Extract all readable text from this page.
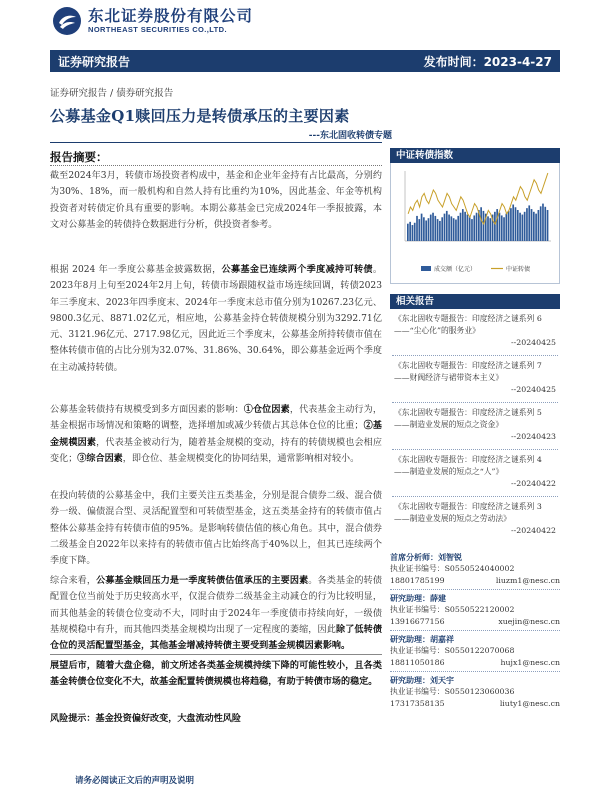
东北证券股份有限公司
NORTHEAST SECURITIES CO.,LTD.
证券研究报告	发布时间：2023-4-27
证券研究报告 / 债券研究报告
公募基金Q1赎回压力是转债承压的主要因素
---东北固收转债专题
报告摘要：

截至2024年3月，转债市场投资者构成中，基金和企业年金持有占比最高，分别约为30%、18%，而一般机构和自然人持有比重约为10%，因此基金、年金等机构投资者对转债定价具有重要的影响。本期公募基金已完成2024年一季报披露，本文对公募基金的转债持仓数据进行分析，供投资者参考。

根据 2024 年一季度公募基金披露数据，公募基金已连续两个季度减持可转债。2023年8月上旬至2024年2月上旬，转债市场跟随权益市场连续回调，转债2023年三季度末、2023年四季度末、2024年一季度末总市值分别为10267.23亿元、9800.3亿元、8871.02亿元，相应地，公募基金持仓转债规模分别为3292.71亿元、3121.96亿元、2717.98亿元，因此近三个季度末，公募基金所持转债市值在整体转债市值的占比分别为32.07%、31.86%、30.64%，即公募基金近两个季度在主动减持转债。

公募基金转债持有规模受到多方面因素的影响：①仓位因素，代表基金主动行为，基金根据市场情况和策略的调整，选择增加或减少转债占其总体仓位的比重；②基金规模因素，代表基金被动行为，随着基金规模的变动，持有的转债规模也会相应变化；③综合因素，即仓位、基金规模变化的协同结果，通常影响相对较小。

在投向转债的公募基金中，我们主要关注五类基金，分别是混合债券二级、混合债券一级、偏债混合型、灵活配置型和可转债型基金，这五类基金持有的转债市值占整体公募基金持有转债市值的95%。是影响转债估值的核心角色。其中，混合债券二级基金自2022年以来持有的转债市值占比始终高于40%以上，但其已连续两个季度下降。

综合来看，公募基金赎回压力是一季度转债估值承压的主要因素。各类基金的转债配置仓位当前处于历史较高水平，仅混合债券二级基金主动减仓的行为比较明显，而其他基金的转债仓位变动不大，同时由于2024年一季度债市持续向好，一级债基规模稳中有升，而其他四类基金规模均出现了一定程度的萎缩，因此除了低转债仓位的灵活配置型基金，其他基金增减持转债主要受到基金规模因素影响。

展望后市，随着大盘企稳，前文所述各类基金规模持续下降的可能性较小，且各类基金转债仓位变化不大，故基金配置转债规模也将趋稳，有助于转债市场的稳定。

风险提示：基金投资偏好改变，大盘流动性风险

请务必阅读正文后的声明及说明
中证转债指数
成交额（亿元）	中证转债
相关报告
《东北固收专题报告：印度经济之谜系列 6——“尘心化”的服务业》
--20240425
《东北固收专题报告：印度经济之谜系列 7——财阀经济与裙带资本主义》
--20240425
《东北固收专题报告：印度经济之谜系列 5——制造业发展的短点之资金》
--20240423
《东北固收专题报告：印度经济之谜系列 4——制造业发展的短点之“人”》
--20240422
《东北固收专题报告：印度经济之谜系列 3——制造业发展的短点之劳动法》
--20240422
首席分析师：刘智锐
执业证书编号：S0550524040002
18801785199	liuzm1@nesc.cn
研究助理：薛建
执业证书编号：S0550522120002
13916677156	xuejin@nesc.cn
研究助理：胡嘉祥
执业证书编号：S0550122070068
18811050186	hujx1@nesc.cn
研究助理：刘天宇
执业证书编号：S0550123060036
17317358135	liuty1@nesc.cn
